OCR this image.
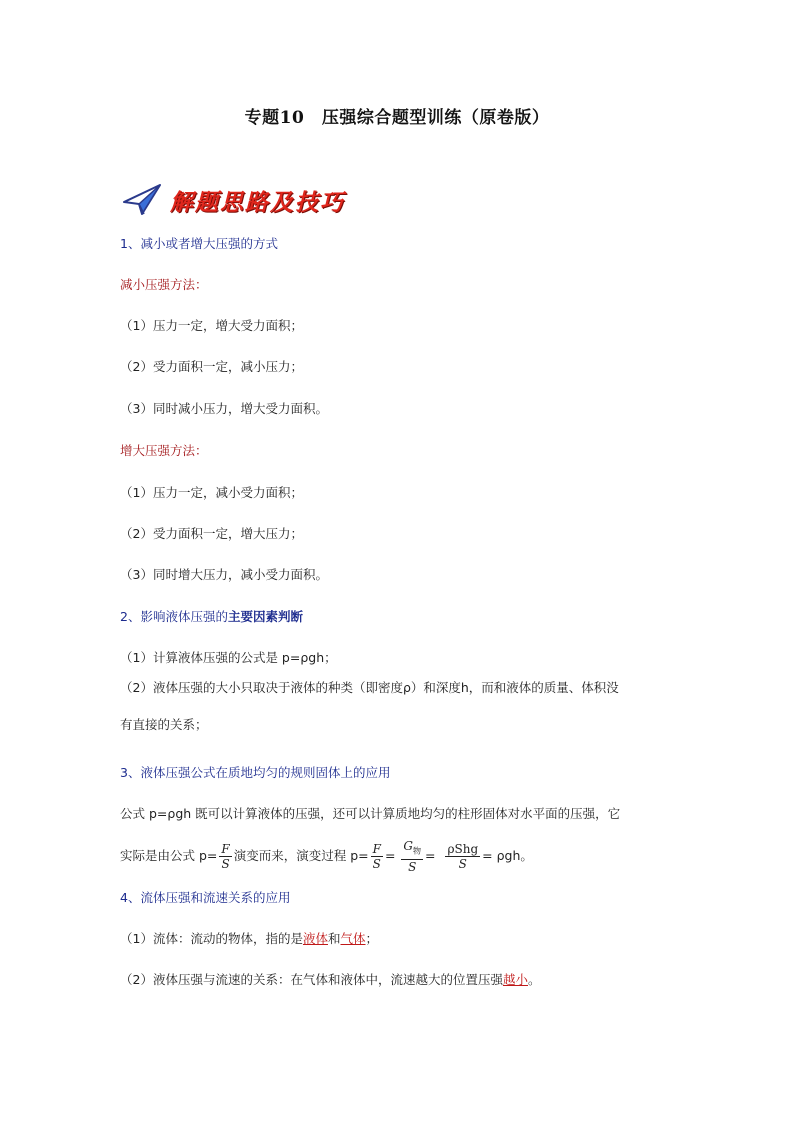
专题10　压强综合题型训练（原卷版）
解题思路及技巧
1、减小或者增大压强的方式
减小压强方法：
（1）压力一定，增大受力面积；
（2）受力面积一定，减小压力；
（3）同时减小压力，增大受力面积。
增大压强方法：
（1）压力一定，减小受力面积；
（2）受力面积一定，增大压力；
（3）同时增大压力，减小受力面积。
2、影响液体压强的主要因素判断
（1）计算液体压强的公式是 p=ρgh；
（2）液体压强的大小只取决于液体的种类（即密度ρ）和深度h，而和液体的质量、体积没
有直接的关系；
3、液体压强公式在质地均匀的规则固体上的应用
公式 p=ρgh 既可以计算液体的压强，还可以计算质地均匀的柱形固体对水平面的压强，它
实际是由公式 $p= \frac{F}{S}$ 演变而来，演变过程 $p= \frac{F}{S} = \frac{G_物}{S} = \frac{\text{ρShg}}{S} = \rho gh$。
4、流体压强和流速关系的应用
（1）流体：流动的物体，指的是液体和气体；
（2）液体压强与流速的关系：在气体和液体中，流速越大的位置压强越小。
